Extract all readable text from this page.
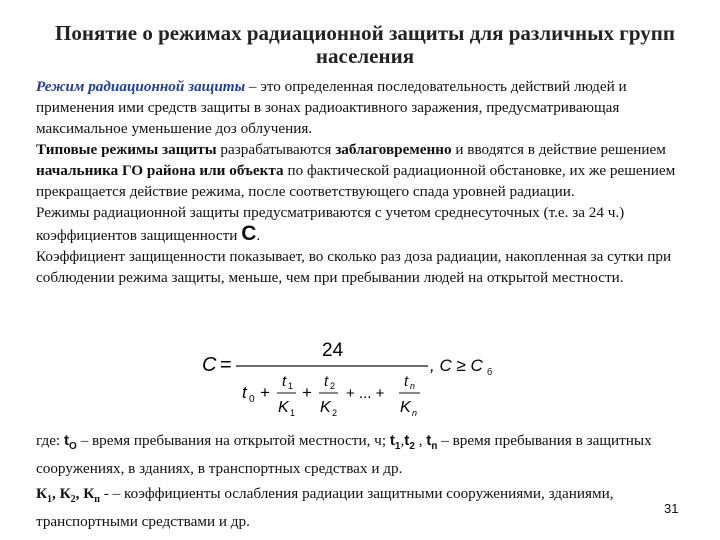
Понятие о режимах радиационной защиты для различных групп населения

Режим радиационной защиты – это определенная последовательность действий людей и применения ими средств защиты в зонах радиоактивного заражения, предусматривающая максимальное уменьшение доз облучения.

Типовые режимы защиты разрабатываются заблаговременно и вводятся в действие решением начальника ГО района или объекта по фактической радиационной обстановке, их же решением прекращается действие режима, после соответствующего спада уровней радиации.

Режимы радиационной защиты предусматриваются с учетом среднесуточных (т.е. за 24 ч.) коэффициентов защищенности С.

Коэффициент защищенности показывает, во сколько раз доза радиации, накопленная за сутки при соблюдении режима защиты, меньше, чем при пребывании людей на открытой местности.

C =
24
t 0 +
t 1
K 1
+
t 2
K 2
+ ... +
t n
K n
, C ≥ C б

где: $t_O$ – время пребывания на открытой местности, ч; $t_1,t_2$ , $t_п$ – время пребывания в защитных сооружениях, в зданиях, в транспортных средствах и др.

$К_1$, $К_2$, $К_п$ - – коэффициенты ослабления радиации защитными сооружениями, зданиями, транспортными средствами и др.
31
